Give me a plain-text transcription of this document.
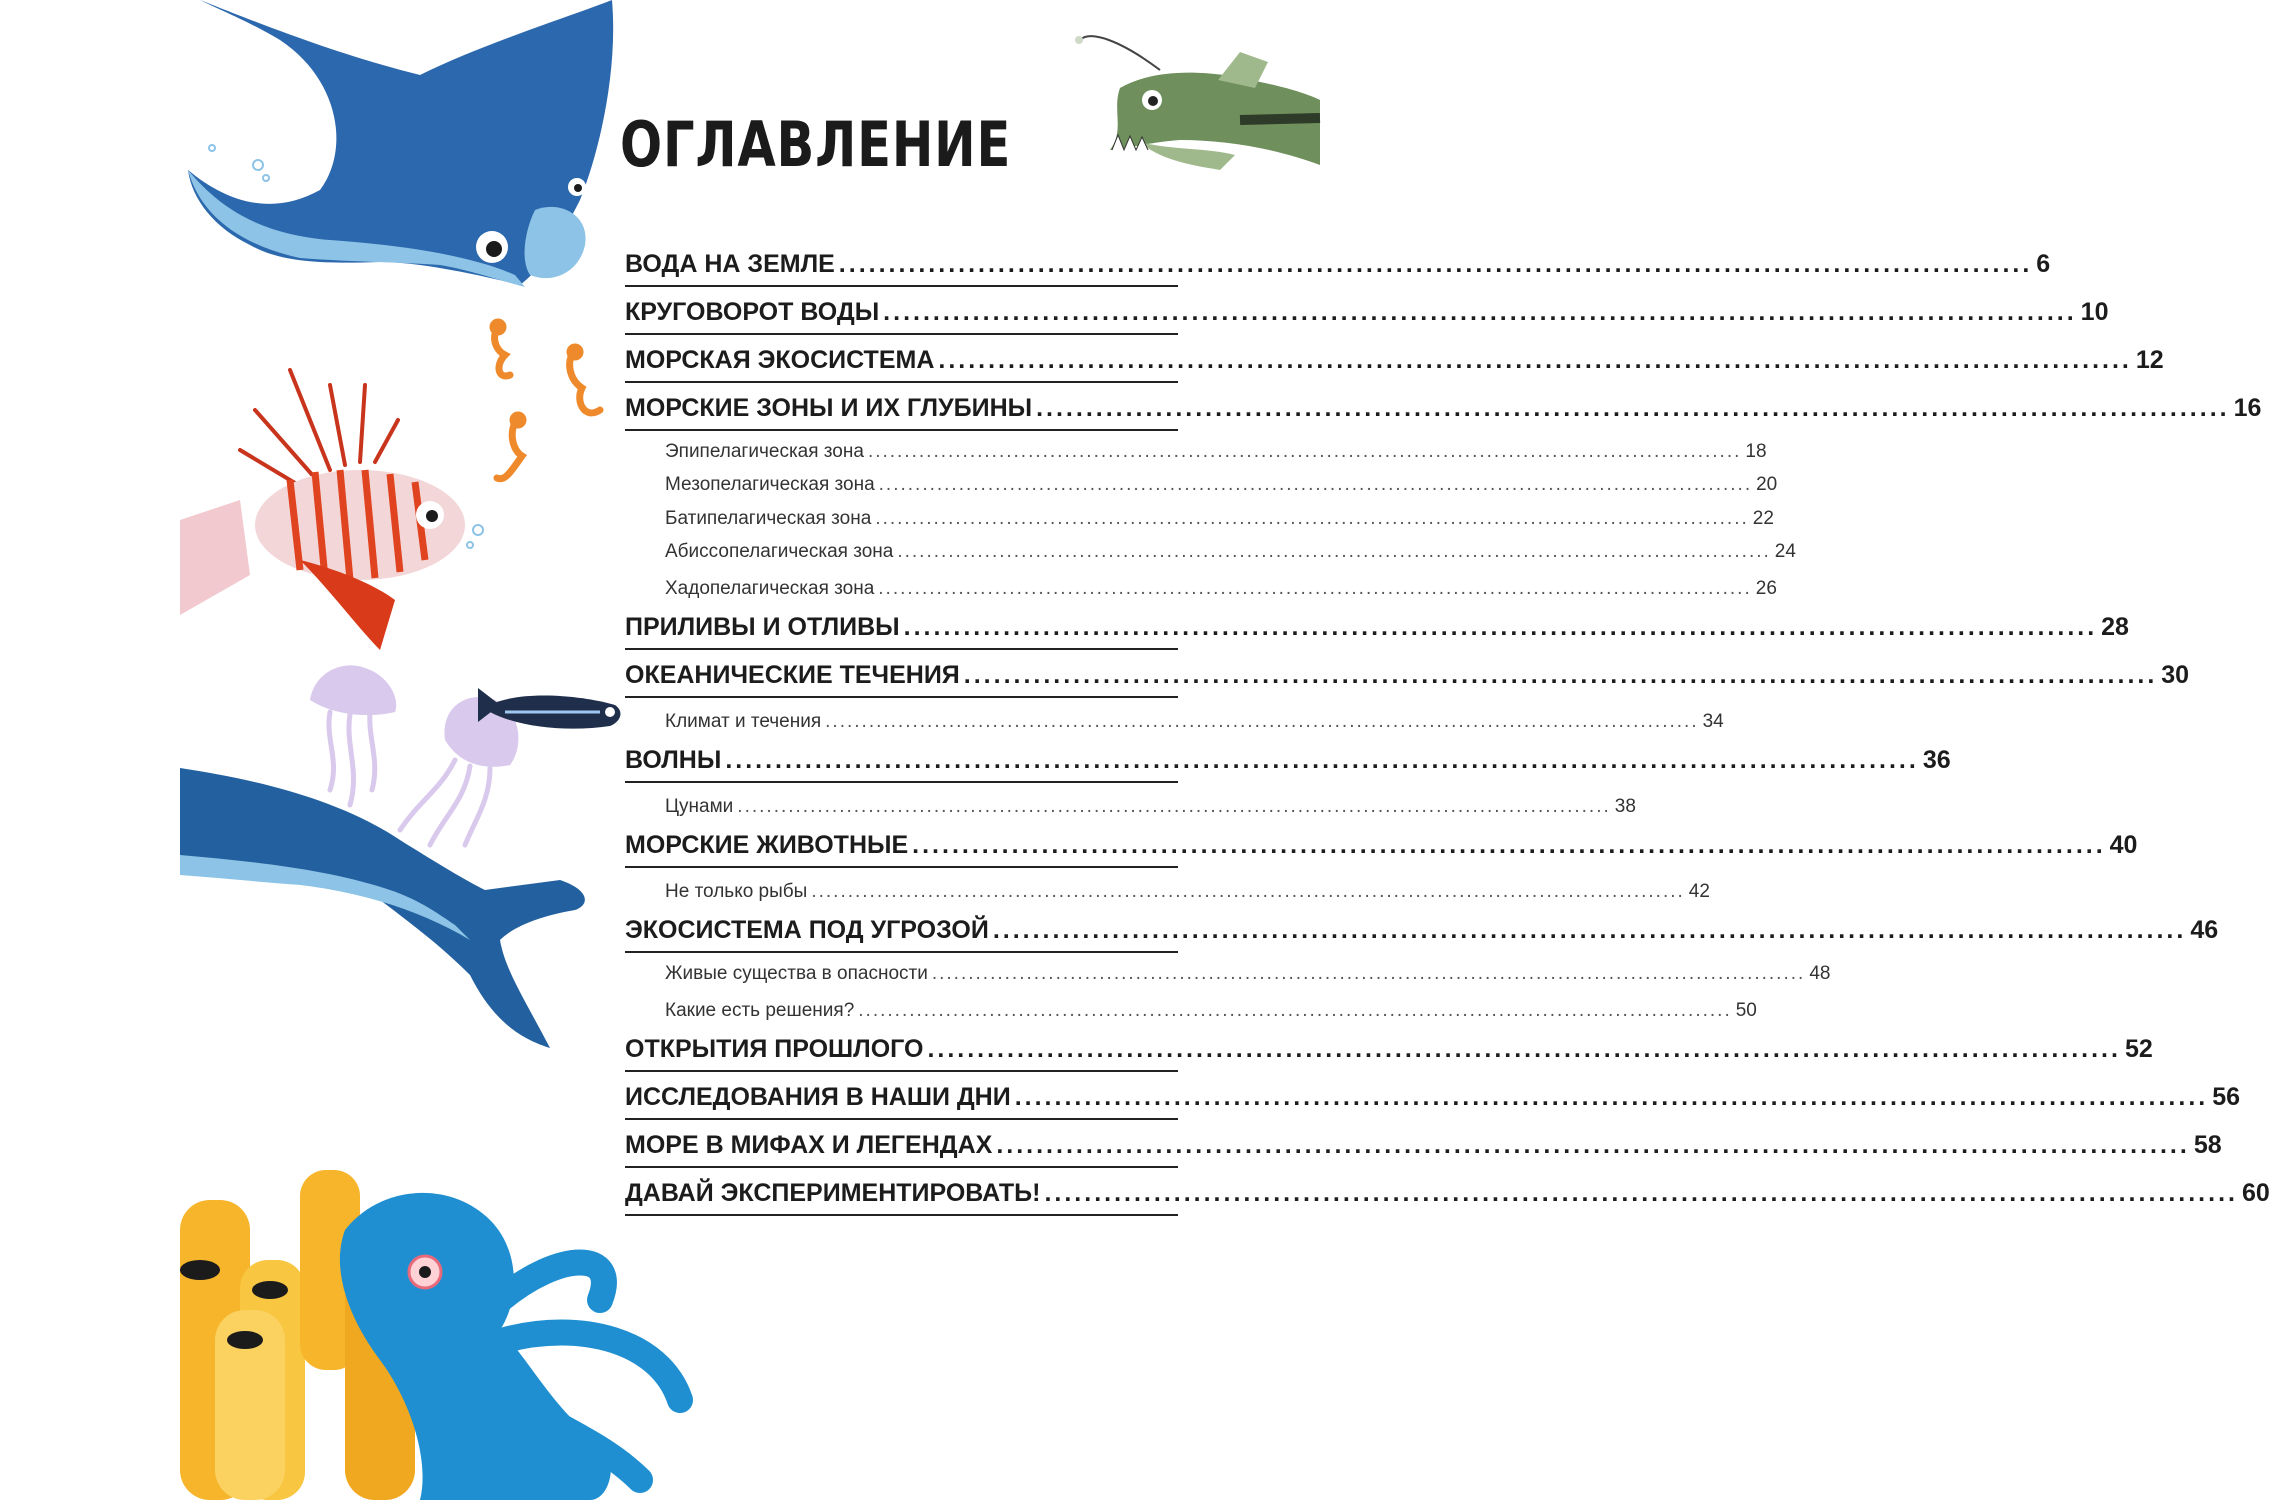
ОГЛАВЛЕНИЕ
ВОДА НА ЗЕМЛЕ ........................................................................................................................ 6
КРУГОВОРОТ ВОДЫ ........................................................................................................................ 10
МОРСКАЯ ЭКОСИСТЕМА ........................................................................................................................ 12
МОРСКИЕ ЗОНЫ И ИХ ГЛУБИНЫ ........................................................................................................................ 16
Эпипелагическая зона ........................................................................................................................ 18
Мезопелагическая зона ........................................................................................................................ 20
Батипелагическая зона ........................................................................................................................ 22
Абиссопелагическая зона ........................................................................................................................ 24
Хадопелагическая зона ........................................................................................................................ 26
ПРИЛИВЫ И ОТЛИВЫ ........................................................................................................................ 28
ОКЕАНИЧЕСКИЕ ТЕЧЕНИЯ ........................................................................................................................ 30
Климат и течения ........................................................................................................................ 34
ВОЛНЫ ........................................................................................................................ 36
Цунами ........................................................................................................................ 38
МОРСКИЕ ЖИВОТНЫЕ ........................................................................................................................ 40
Не только рыбы ........................................................................................................................ 42
ЭКОСИСТЕМА ПОД УГРОЗОЙ ........................................................................................................................ 46
Живые существа в опасности ........................................................................................................................ 48
Какие есть решения? ........................................................................................................................ 50
ОТКРЫТИЯ ПРОШЛОГО ........................................................................................................................ 52
ИССЛЕДОВАНИЯ В НАШИ ДНИ ........................................................................................................................ 56
МОРЕ В МИФАХ И ЛЕГЕНДАХ ........................................................................................................................ 58
ДАВАЙ ЭКСПЕРИМЕНТИРОВАТЬ! ........................................................................................................................ 60
